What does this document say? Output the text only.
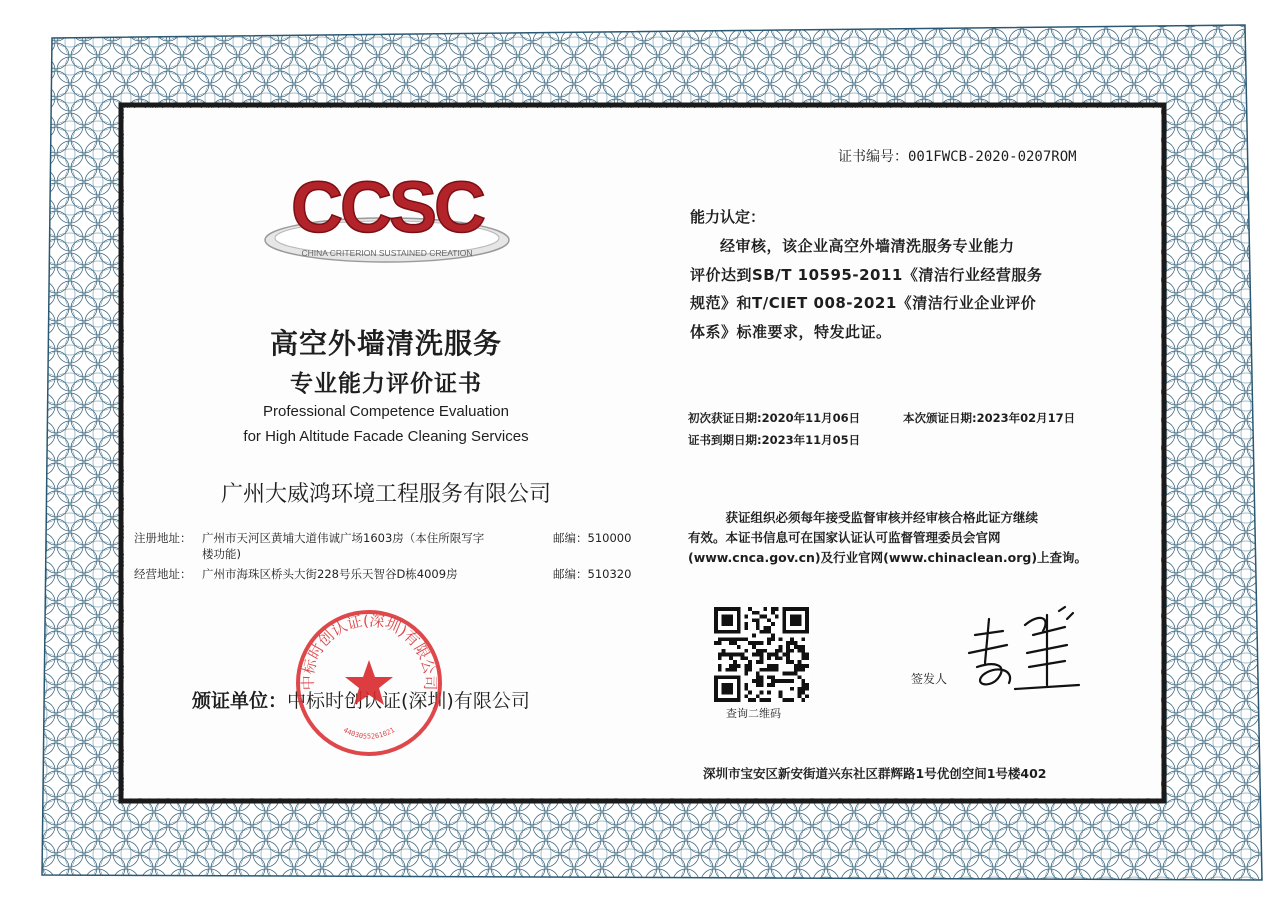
证书编号：001FWCB-2020-0207ROM
CCSC
CHINA CRITERION SUSTAINED CREATION
高空外墙清洗服务
专业能力评价证书
Professional Competence Evaluation
for High Altitude Facade Cleaning Services
广州大威鸿环境工程服务有限公司
注册地址： 广州市天河区黄埔大道伟诚广场1603房（本住所限写字
楼功能)
邮编：510000
经营地址： 广州市海珠区桥头大街228号乐天智谷D栋4009房	邮编：510320
颁证单位：中标时创认证(深圳)有限公司
中标时创认证(深圳)有限公司
4403055261021
能力认定：

经审核，该企业高空外墙清洗服务专业能力

评价达到SB/T 10595-2011《清洁行业经营服务

规范》和T/CIET 008-2021《清洁行业企业评价

体系》标准要求，特发此证。

初次获证日期:2020年11月06日	本次颁证日期:2023年02月17日
证书到期日期:2023年11月05日

获证组织必须每年接受监督审核并经审核合格此证方继续

有效。本证书信息可在国家认证认可监督管理委员会官网

(www.cnca.gov.cn)及行业官网(www.chinaclean.org)上查询。

查询二维码
签发人
深圳市宝安区新安街道兴东社区群辉路1号优创空间1号楼402
